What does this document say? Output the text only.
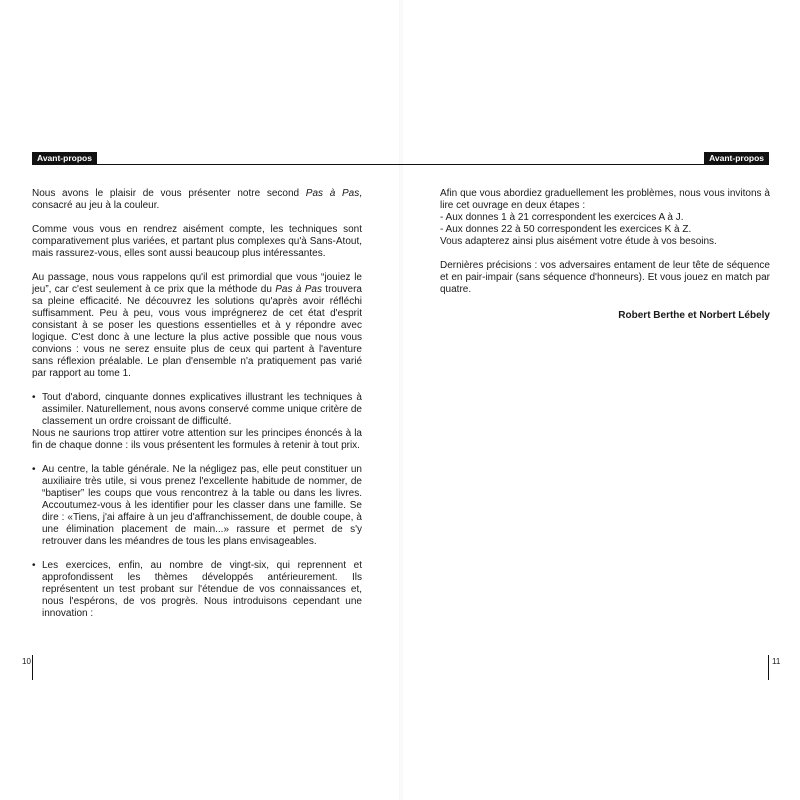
Avant-propos	Avant-propos

Nous avons le plaisir de vous présenter notre second Pas à Pas, consacré au jeu à la couleur.

Comme vous vous en rendrez aisément compte, les techniques sont comparativement plus variées, et partant plus complexes qu'à Sans-Atout, mais rassurez-vous, elles sont aussi beaucoup plus intéressantes.

Au passage, nous vous rappelons qu'il est primordial que vous “jouiez le jeu”, car c'est seulement à ce prix que la méthode du Pas à Pas trouvera sa pleine efficacité. Ne découvrez les solutions qu'après avoir réfléchi suffisamment. Peu à peu, vous vous imprégnerez de cet état d'esprit consistant à se poser les questions essentielles et à y répondre avec logique. C'est donc à une lecture la plus active possible que nous vous convions : vous ne serez ensuite plus de ceux qui partent à l'aventure sans réflexion préalable. Le plan d'ensemble n'a pratiquement pas varié par rapport au tome 1.

• Tout d'abord, cinquante donnes explicatives illustrant les techniques à assimiler. Naturellement, nous avons conservé comme unique critère de classement un ordre croissant de difficulté.

Nous ne saurions trop attirer votre attention sur les principes énoncés à la fin de chaque donne : ils vous présentent les formules à retenir à tout prix.

• Au centre, la table générale. Ne la négligez pas, elle peut constituer un auxiliaire très utile, si vous prenez l'excellente habitude de nommer, de “baptiser” les coups que vous rencontrez à la table ou dans les livres. Accoutumez-vous à les identifier pour les classer dans une famille. Se dire : «Tiens, j'ai affaire à un jeu d'affranchissement, de double coupe, à une élimination placement de main...» rassure et permet de s'y retrouver dans les méandres de tous les plans envisageables.
• Les exercices, enfin, au nombre de vingt-six, qui reprennent et approfondissent les thèmes développés antérieurement. Ils représentent un test probant sur l'étendue de vos connaissances et, nous l'espérons, de vos progrès. Nous introduisons cependant une innovation :

Afin que vous abordiez graduellement les problèmes, nous vous invitons à lire cet ouvrage en deux étapes :

- Aux donnes 1 à 21 correspondent les exercices A à J.
- Aux donnes 22 à 50 correspondent les exercices K à Z.

Vous adapterez ainsi plus aisément votre étude à vos besoins.

Dernières précisions : vos adversaires entament de leur tête de séquence et en pair-impair (sans séquence d'honneurs). Et vous jouez en match par quatre.

Robert Berthe et Norbert Lébely
10	11
